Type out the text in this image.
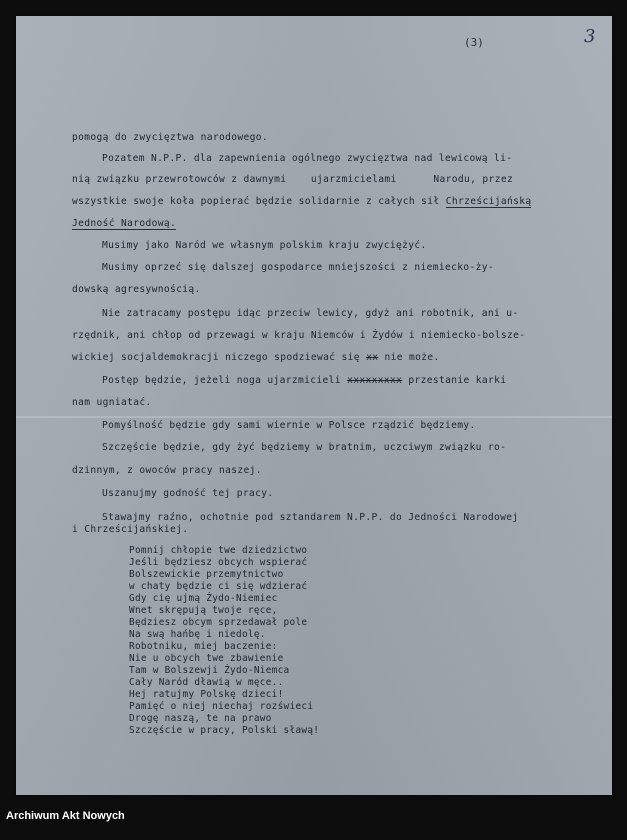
(3)	3
pomogą do zwycięztwa narodowego.
Pozatem N.P.P. dla zapewnienia ogólnego zwycięztwa nad lewicową li-
nią związku przewrotowców z dawnymi    ujarzmicielami      Narodu, przez
wszystkie swoje koła popierać będzie solidarnie z całych sił Chrześcijańską
Jedność Narodową.
Musimy jako Naród we własnym polskim kraju zwyciężyć.
Musimy oprzeć się dalszej gospodarce mniejszości z niemiecko-ży-
dowską agresywnością.
Nie zatracamy postępu idąc przeciw lewicy, gdyż ani robotnik, ani u-
rzędnik, ani chłop od przewagi w kraju Niemców i Żydów i niemiecko-bolsze-
wickiej socjaldemokracji niczego spodziewać się xx nie może.
Postęp będzie, jeżeli noga ujarzmicieli xxxxxxxxx przestanie karki
nam ugniatać.
Pomyślność będzie gdy sami wiernie w Polsce rządzić będziemy.
Szczęście będzie, gdy żyć będziemy w bratnim, uczciwym związku ro-
dzinnym, z owoców pracy naszej.
Uszanujmy godność tej pracy.
Stawajmy raźno, ochotnie pod sztandarem N.P.P. do Jedności Narodowej
i Chrześcijańskiej.
Pomnij chłopie twe dziedzictwo
Jeśli będziesz obcych wspierać
Bolszewickie przemytnictwo
w chaty będzie ci się wdzierać
Gdy cię ujmą Żydo-Niemiec
Wnet skrępują twoje ręce,
Będziesz obcym sprzedawał pole
Na swą hańbę i niedolę.
Robotniku, miej baczenie:
Nie u obcych twe zbawienie
Tam w Bolszewji Żydo-Niemca
Cały Naród dławią w męce..
Hej ratujmy Polskę dzieci!
Pamięć o niej niechaj rozświeci
Drogę naszą, te na prawo
Szczęście w pracy, Polski sławą!
Archiwum Akt Nowych
